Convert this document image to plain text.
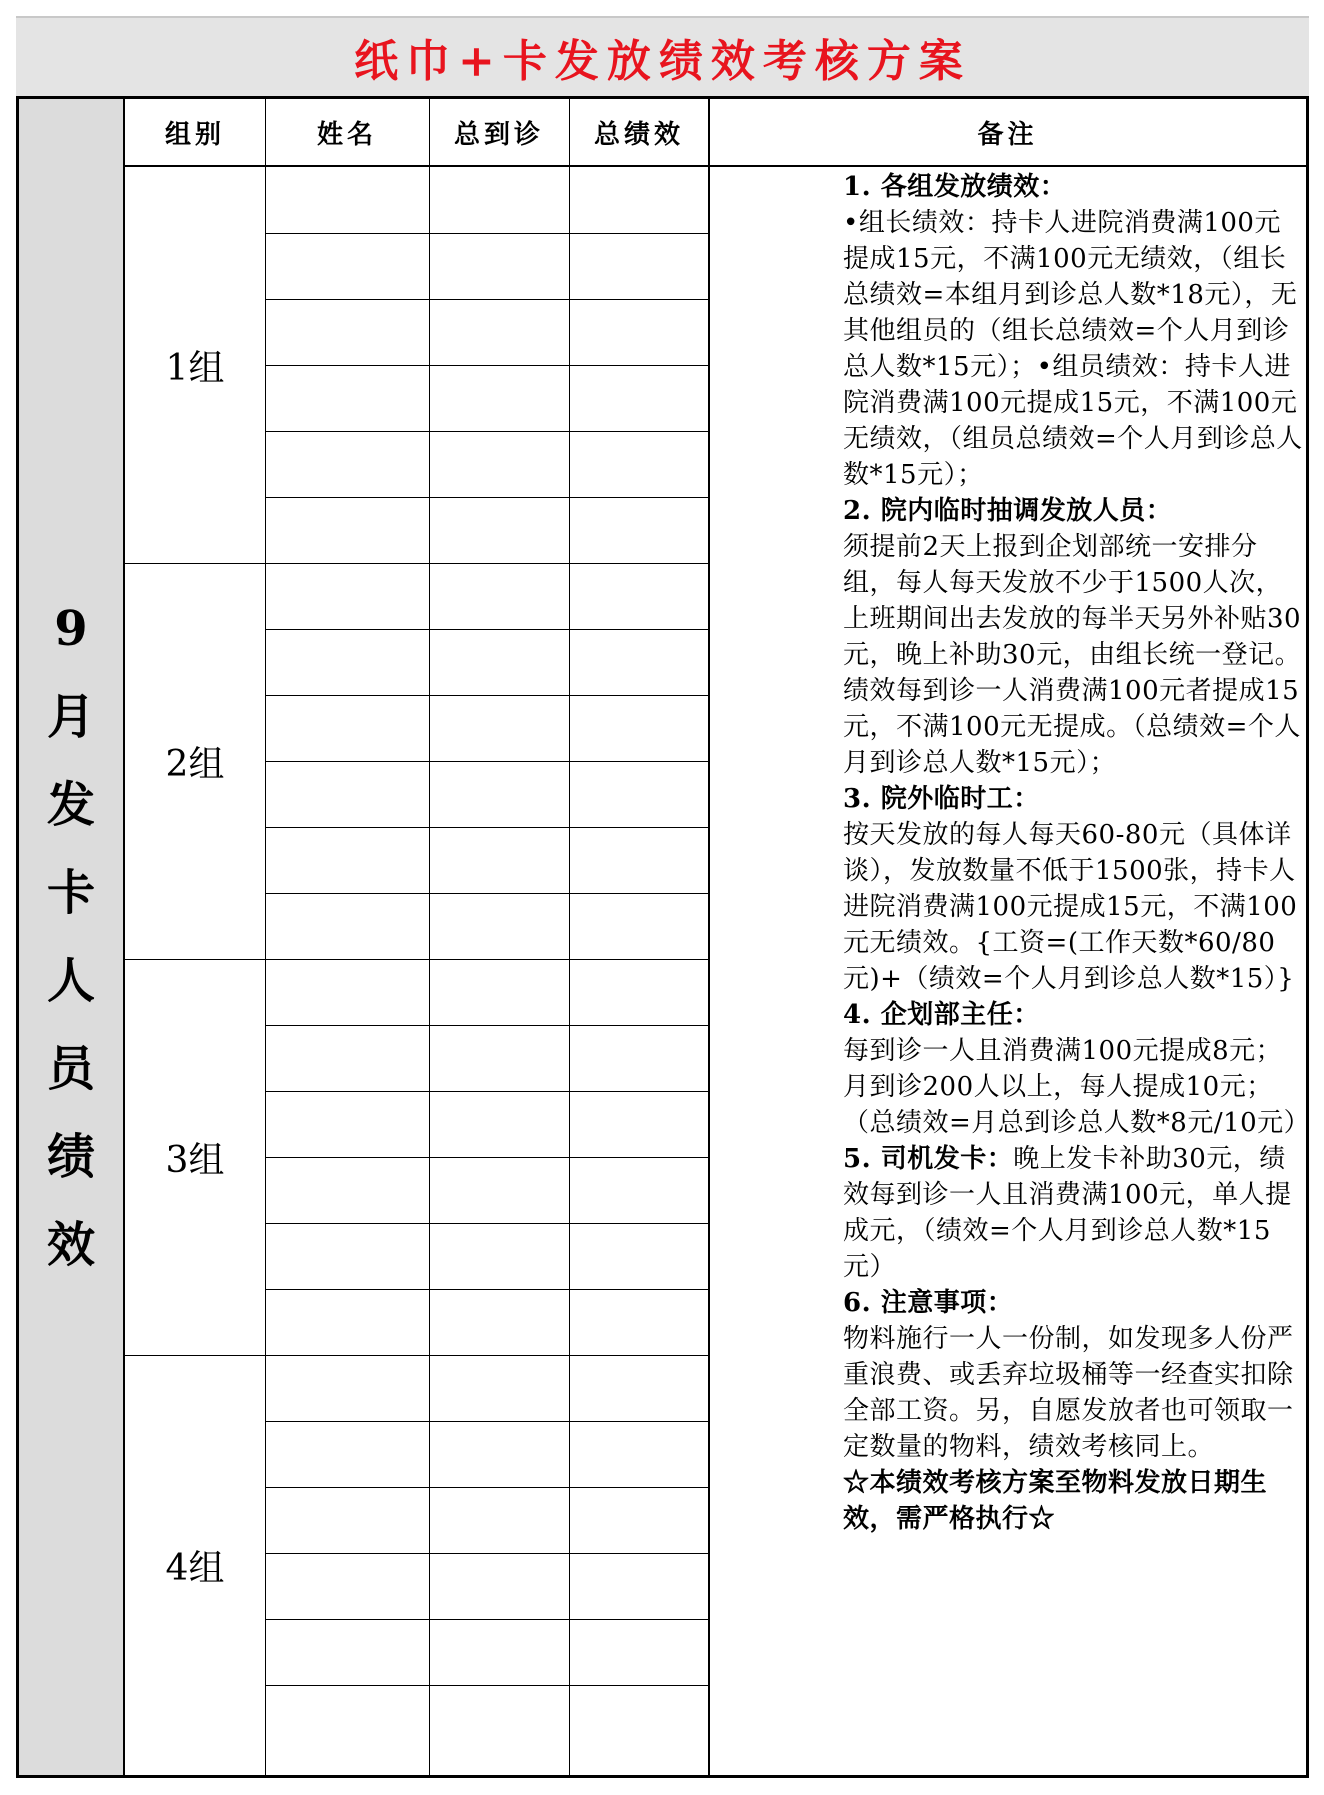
纸巾+卡发放绩效考核方案
9
月
发
卡
人
员
绩
效
组别	姓名	总到诊	总绩效	备注
1组
2组
3组
4组

1. 各组发放绩效：
•组长绩效：持卡人进院消费满100元提成15元，不满100元无绩效，（组长总绩效=本组月到诊总人数*18元），无其他组员的（组长总绩效=个人月到诊总人数*15元）；•组员绩效：持卡人进院消费满100元提成15元，不满100元无绩效，（组员总绩效=个人月到诊总人数*15元）；

2. 院内临时抽调发放人员：
须提前2天上报到企划部统一安排分组，每人每天发放不少于1500人次，上班期间出去发放的每半天另外补贴30元，晚上补助30元，由组长统一登记。绩效每到诊一人消费满100元者提成15元，不满100元无提成。（总绩效=个人月到诊总人数*15元）；

3. 院外临时工：
按天发放的每人每天60-80元（具体详谈），发放数量不低于1500张，持卡人进院消费满100元提成15元，不满100元无绩效。{工资=(工作天数*60/80元)+（绩效=个人月到诊总人数*15）}

4. 企划部主任：
每到诊一人且消费满100元提成8元；月到诊200人以上，每人提成10元；（总绩效=月总到诊总人数*8元/10元）

5. 司机发卡：晚上发卡补助30元，绩效每到诊一人且消费满100元，单人提成元，（绩效=个人月到诊总人数*15元）

6. 注意事项：
物料施行一人一份制，如发现多人份严重浪费、或丢弃垃圾桶等一经查实扣除全部工资。另，自愿发放者也可领取一定数量的物料，绩效考核同上。

☆本绩效考核方案至物料发放日期生效，需严格执行☆
